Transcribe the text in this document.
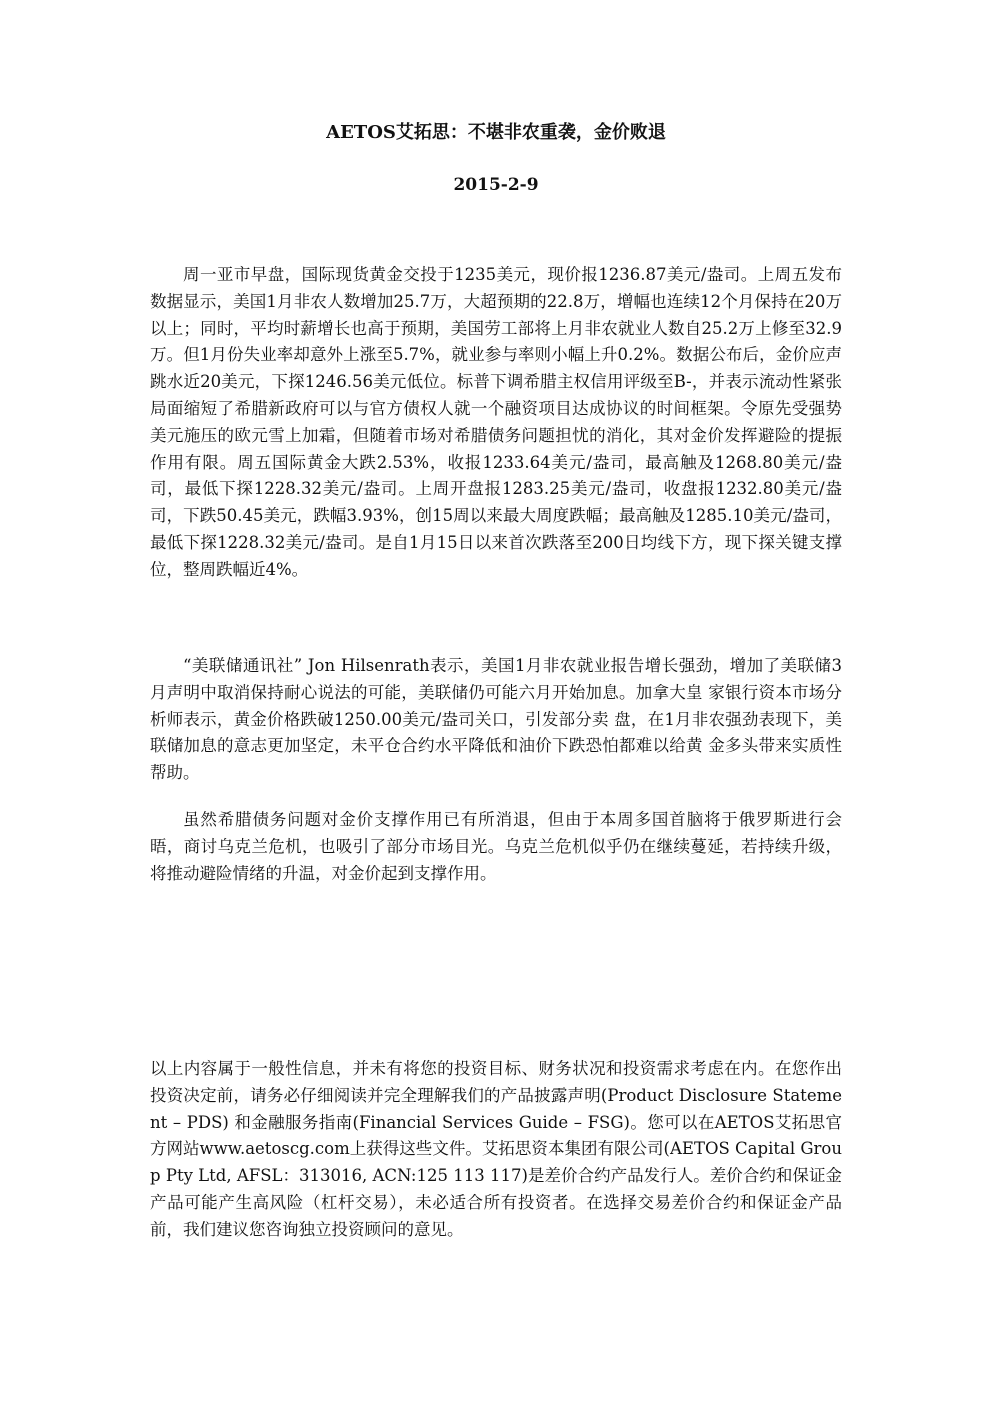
AETOS艾拓思：不堪非农重袭，金价败退
2015-2-9

周一亚市早盘，国际现货黄金交投于1235美元，现价报1236.87美元/盎司。上周五发布数据显示，美国1月非农人数增加25.7万，大超预期的22.8万，增幅也连续12个月保持在20万以上；同时，平均时薪增长也高于预期，美国劳工部将上月非农就业人数自25.2万上修至32.9万。但1月份失业率却意外上涨至5.7%，就业参与率则小幅上升0.2%。数据公布后，金价应声跳水近20美元，下探1246.56美元低位。标普下调希腊主权信用评级至B-，并表示流动性紧张局面缩短了希腊新政府可以与官方债权人就一个融资项目达成协议的时间框架。令原先受强势美元施压的欧元雪上加霜，但随着市场对希腊债务问题担忧的消化，其对金价发挥避险的提振作用有限。周五国际黄金大跌2.53%，收报1233.64美元/盎司，最高触及1268.80美元/盎司，最低下探1228.32美元/盎司。上周开盘报1283.25美元/盎司，收盘报1232.80美元/盎司，下跌50.45美元，跌幅3.93%，创15周以来最大周度跌幅；最高触及1285.10美元/盎司，最低下探1228.32美元/盎司。是自1月15日以来首次跌落至200日均线下方，现下探关键支撑位，整周跌幅近4%。

“美联储通讯社” Jon Hilsenrath表示，美国1月非农就业报告增长强劲，增加了美联储3月声明中取消保持耐心说法的可能，美联储仍可能六月开始加息。加拿大皇 家银行资本市场分析师表示，黄金价格跌破1250.00美元/盎司关口，引发部分卖 盘，在1月非农强劲表现下，美联储加息的意志更加坚定，未平仓合约水平降低和油价下跌恐怕都难以给黄 金多头带来实质性帮助。

虽然希腊债务问题对金价支撑作用已有所消退，但由于本周多国首脑将于俄罗斯进行会晤，商讨乌克兰危机，也吸引了部分市场目光。乌克兰危机似乎仍在继续蔓延，若持续升级，将推动避险情绪的升温，对金价起到支撑作用。

以上内容属于一般性信息，并未有将您的投资目标、财务状况和投资需求考虑在内。在您作出投资决定前，请务必仔细阅读并完全理解我们的产品披露声明(Product Disclosure Statement – PDS) 和金融服务指南(Financial Services Guide – FSG)。您可以在AETOS艾拓思官方网站www.aetoscg.com上获得这些文件。艾拓思资本集团有限公司(AETOS Capital Group Pty Ltd, AFSL：313016, ACN:125 113 117)是差价合约产品发行人。差价合约和保证金产品可能产生高风险（杠杆交易），未必适合所有投资者。在选择交易差价合约和保证金产品前，我们建议您咨询独立投资顾问的意见。
